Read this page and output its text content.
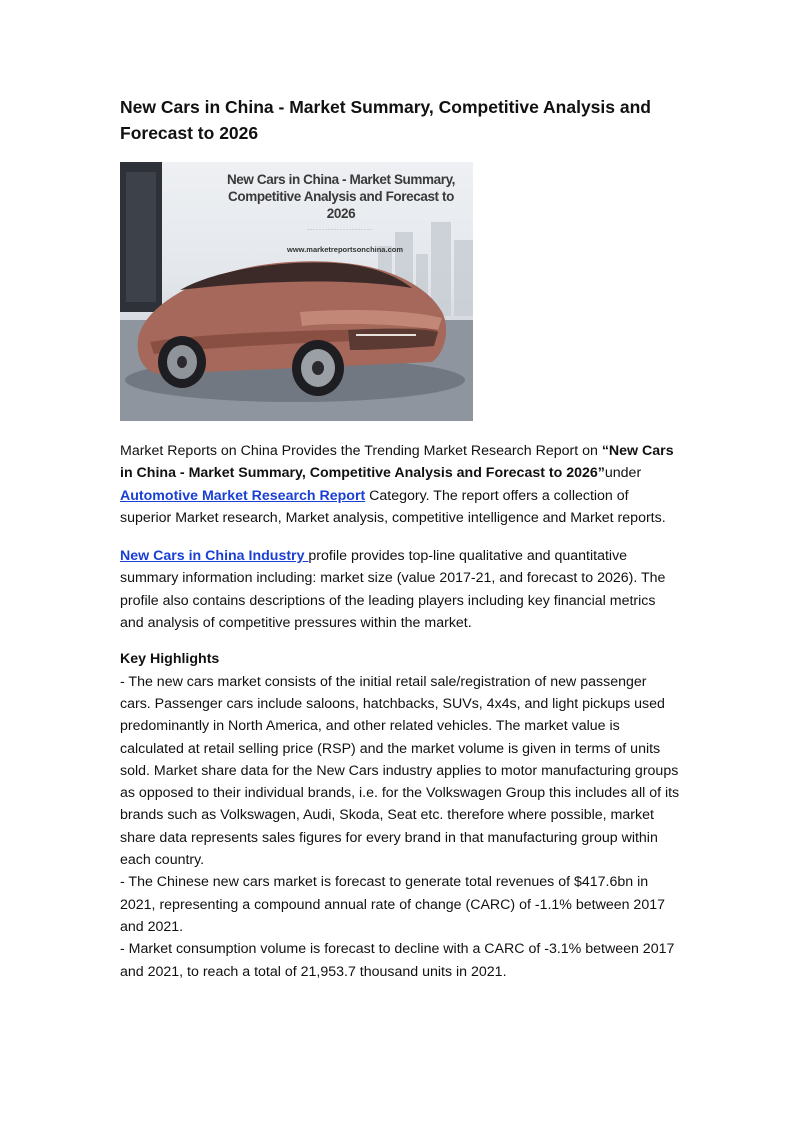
New Cars in China - Market Summary, Competitive Analysis and Forecast to 2026
New Cars in China - Market Summary, Competitive Analysis and Forecast to 2026
······················
www.marketreportsonchina.com

Market Reports on China Provides the Trending Market Research Report on “New Cars in China - Market Summary, Competitive Analysis and Forecast to 2026”under Automotive Market Research Report Category. The report offers a collection of superior Market research, Market analysis, competitive intelligence and Market reports.

New Cars in China Industry profile provides top-line qualitative and quantitative summary information including: market size (value 2017-21, and forecast to 2026). The profile also contains descriptions of the leading players including key financial metrics and analysis of competitive pressures within the market.

Key Highlights
- The new cars market consists of the initial retail sale/registration of new passenger cars. Passenger cars include saloons, hatchbacks, SUVs, 4x4s, and light pickups used predominantly in North America, and other related vehicles. The market value is calculated at retail selling price (RSP) and the market volume is given in terms of units sold. Market share data for the New Cars industry applies to motor manufacturing groups as opposed to their individual brands, i.e. for the Volkswagen Group this includes all of its brands such as Volkswagen, Audi, Skoda, Seat etc. therefore where possible, market share data represents sales figures for every brand in that manufacturing group within each country.
- The Chinese new cars market is forecast to generate total revenues of $417.6bn in 2021, representing a compound annual rate of change (CARC) of -1.1% between 2017 and 2021.
- Market consumption volume is forecast to decline with a CARC of -3.1% between 2017 and 2021, to reach a total of 21,953.7 thousand units in 2021.
